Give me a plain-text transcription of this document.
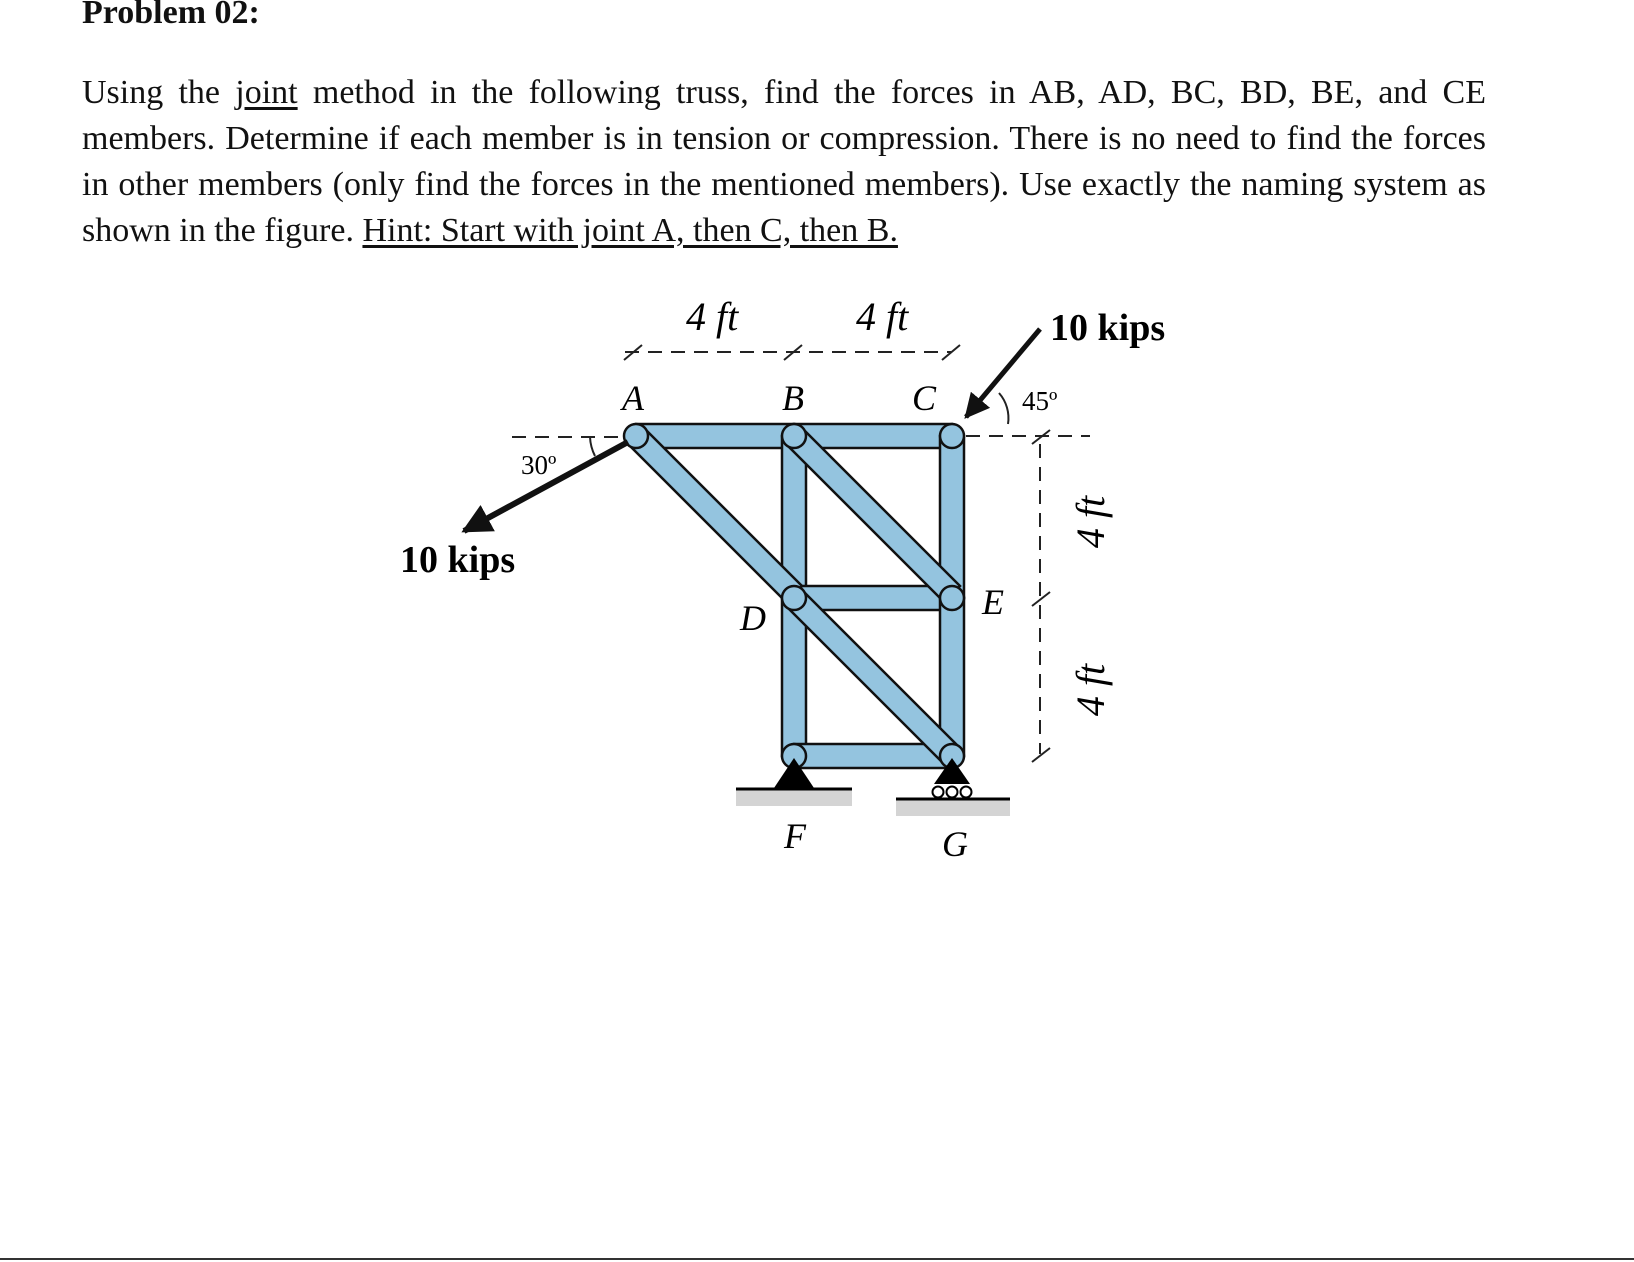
Problem 02:

Using the joint method in the following truss, find the forces in AB, AD, BC, BD, BE, and CE members. Determine if each member is in tension or compression. There is no need to find the forces in other members (only find the forces in the mentioned members). Use exactly the naming system as shown in the figure. Hint: Start with joint A, then C, then B.

4 ft	4 ft
4 ft
4 ft
30º
10 kips
45º
10 kips
A	B	C
D	E
F	G
